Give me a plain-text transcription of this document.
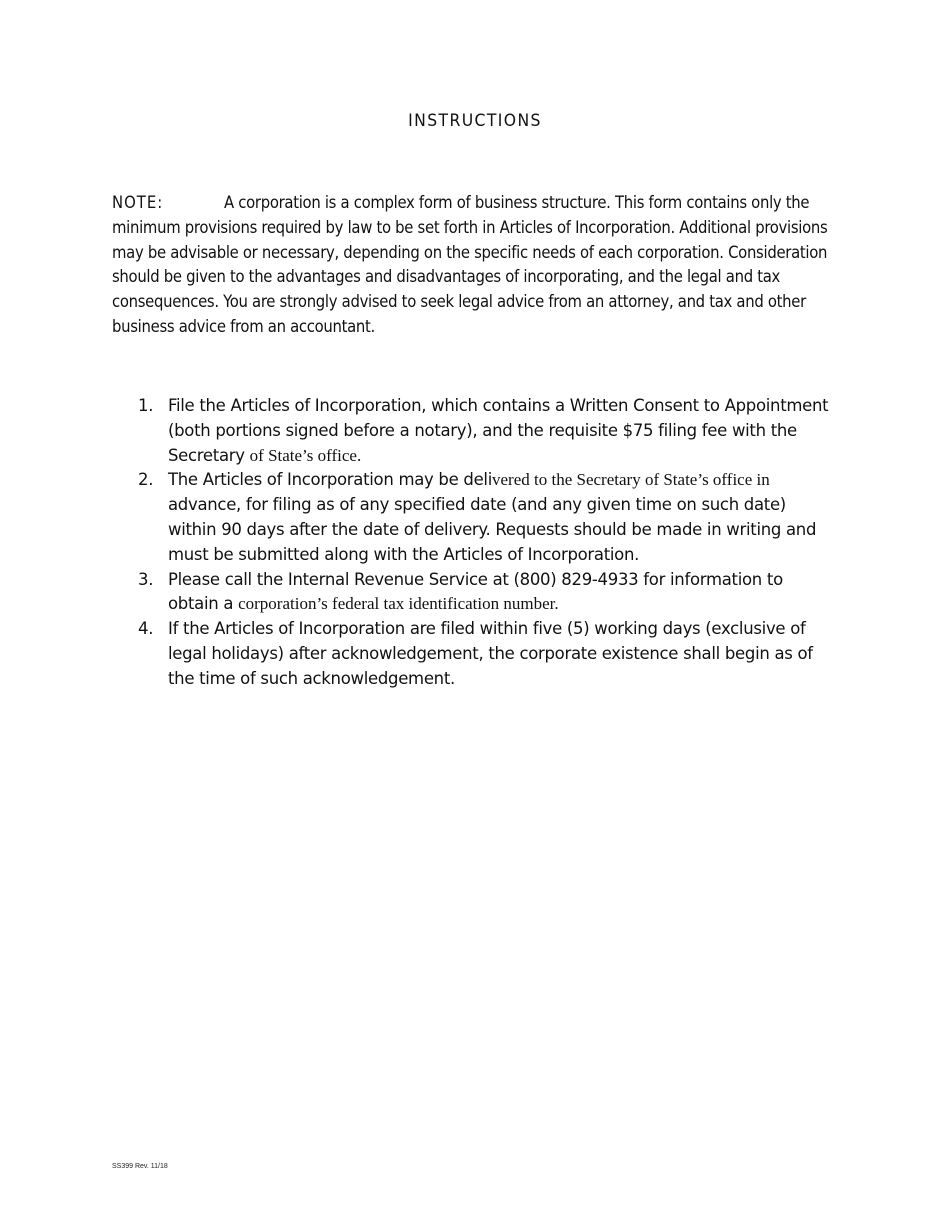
INSTRUCTIONS
NOTE:	A corporation is a complex form of business structure. This form contains only the minimum provisions required by law to be set forth in Articles of Incorporation. Additional provisions may be advisable or necessary, depending on the specific needs of each corporation. Consideration should be given to the advantages and disadvantages of incorporating, and the legal and tax consequences. You are strongly advised to seek legal advice from an attorney, and tax and other business advice from an accountant.
1. File the Articles of Incorporation, which contains a Written Consent to Appointment (both portions signed before a notary), and the requisite $75 filing fee with the Secretary of State’s office.
2. The Articles of Incorporation may be delivered to the Secretary of State’s office in advance, for filing as of any specified date (and any given time on such date) within 90 days after the date of delivery. Requests should be made in writing and must be submitted along with the Articles of Incorporation.
3. Please call the Internal Revenue Service at (800) 829-4933 for information to obtain a corporation’s federal tax identification number.
4. If the Articles of Incorporation are filed within five (5) working days (exclusive of legal holidays) after acknowledgement, the corporate existence shall begin as of the time of such acknowledgement.
SS399 Rev. 11/18
